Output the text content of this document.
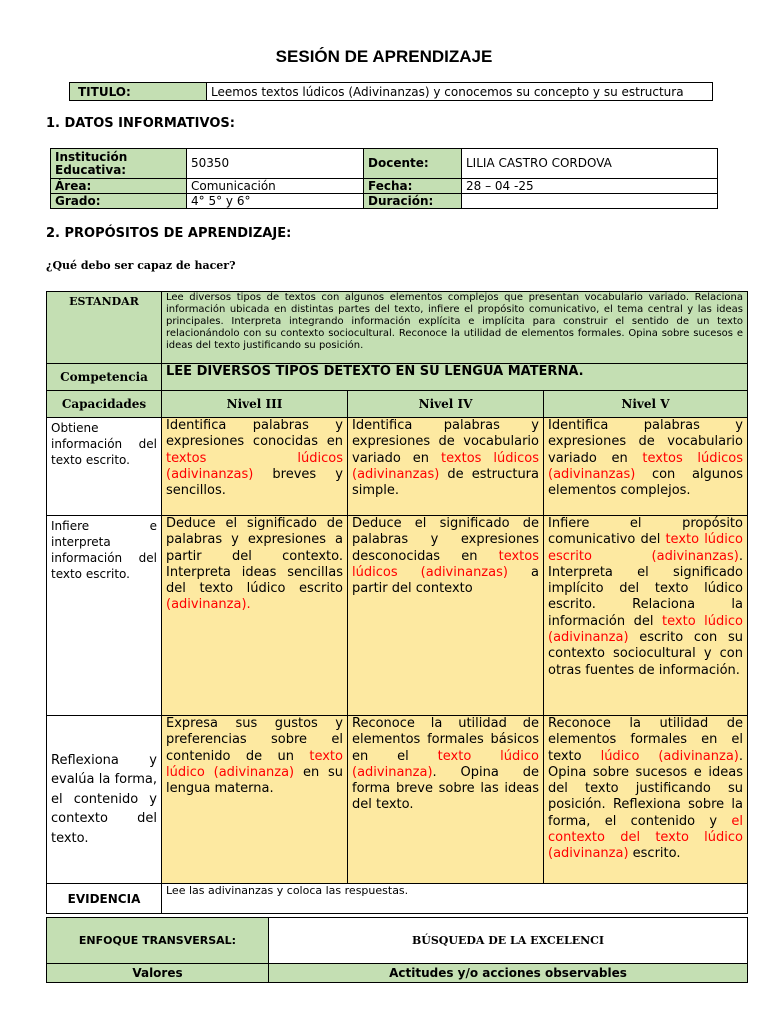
SESIÓN DE APRENDIZAJE
TITULO:	Leemos textos lúdicos (Adivinanzas) y conocemos su concepto y su estructura
1. DATOS INFORMATIVOS:
Institución Educativa:	50350	Docente:	LILIA CASTRO CORDOVA
Área:	Comunicación	Fecha:	28 – 04 -25
Grado:	4° 5° y 6°	Duración:	
2. PROPÓSITOS DE APRENDIZAJE:
¿Qué debo ser capaz de hacer?
ESTANDAR	Lee diversos tipos de textos con algunos elementos complejos que presentan vocabulario variado. Relaciona información ubicada en distintas partes del texto, infiere el propósito comunicativo, el tema central y las ideas principales. Interpreta integrando información explícita e implícita para construir el sentido de un texto relacionándolo con su contexto sociocultural. Reconoce la utilidad de elementos formales. Opina sobre sucesos e ideas del texto justificando su posición.		
Competencia	LEE DIVERSOS TIPOS DETEXTO EN SU LENGUA MATERNA.		
Capacidades	Nivel III	Nivel IV	Nivel V
Obtiene información del texto escrito.	Identifica palabras y expresiones conocidas en textos lúdicos (adivinanzas) breves y sencillos.	Identifica palabras y expresiones de vocabulario variado en textos lúdicos (adivinanzas) de estructura simple.	Identifica palabras y expresiones de vocabulario variado en textos lúdicos (adivinanzas) con algunos elementos complejos.
Infiere e interpreta información del texto escrito.	Deduce el significado de palabras y expresiones a partir del contexto. Interpreta ideas sencillas del texto lúdico escrito (adivinanza).	Deduce el significado de palabras y expresiones desconocidas en textos lúdicos (adivinanzas) a partir del contexto	Infiere el propósito comunicativo del texto lúdico escrito (adivinanzas). Interpreta el significado implícito del texto lúdico escrito. Relaciona la información del texto lúdico (adivinanza) escrito con su contexto sociocultural y con otras fuentes de información.
Reflexiona y evalúa la forma, el contenido y contexto del texto.	Expresa sus gustos y preferencias sobre el contenido de un texto lúdico (adivinanza) en su lengua materna.	Reconoce la utilidad de elementos formales básicos en el texto lúdico (adivinanza). Opina de forma breve sobre las ideas del texto.	Reconoce la utilidad de elementos formales en el texto lúdico (adivinanza). Opina sobre sucesos e ideas del texto justificando su posición. Reflexiona sobre la forma, el contenido y el contexto del texto lúdico (adivinanza) escrito.
EVIDENCIA	Lee las adivinanzas y coloca las respuestas.		
ENFOQUE TRANSVERSAL:	BÚSQUEDA DE LA EXCELENCI
Valores	Actitudes y/o acciones observables
